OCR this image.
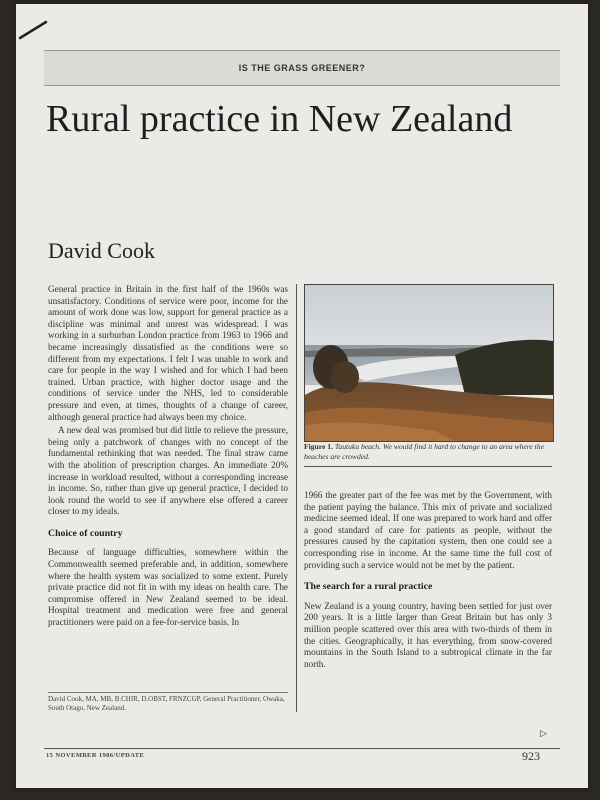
IS THE GRASS GREENER?
Rural practice in New Zealand
David Cook

General practice in Britain in the first half of the 1960s was unsatisfactory. Conditions of service were poor, income for the amount of work done was low, support for general practice as a discipline was minimal and unrest was widespread. I was working in a surburban London practice from 1963 to 1966 and became increasingly dissatisfied as the conditions were so different from my expectations. I felt I was unable to work and care for people in the way I wished and for which I had been trained. Urban practice, with higher doctor usage and the conditions of service under the NHS, led to considerable pressure and even, at times, thoughts of a change of career, although general practice had always been my choice.

A new deal was promised but did little to relieve the pressure, being only a patchwork of changes with no concept of the fundamental rethinking that was needed. The final straw came with the abolition of prescription charges. An immediate 20% increase in workload resulted, without a corresponding increase in income. So, rather than give up general practice, I decided to look round the world to see if anywhere else offered a career closer to my ideals.

Choice of country

Because of language difficulties, somewhere within the Commonwealth seemed preferable and, in addition, somewhere where the health system was socialized to some extent. Purely private practice did not fit in with my ideas on health care. The compromise offered in New Zealand seemed to be ideal. Hospital treatment and medication were free and general practitioners were paid on a fee-for-service basis. In

David Cook, MA, MB, B.CHIR, D.OBST, FRNZCGP, General Practitioner, Owaka, South Otago, New Zealand.
Figure 1. Tautuku beach. We would find it hard to change to an area where the beaches are crowded.

1966 the greater part of the fee was met by the Government, with the patient paying the balance. This mix of private and socialized medicine seemed ideal. If one was prepared to work hard and offer a good standard of care for patients as people, without the pressures caused by the capitation system, then one could see a corresponding rise in income. At the same time the full cost of providing such a service would not be met by the patient.

The search for a rural practice

New Zealand is a young country, having been settled for just over 200 years. It is a little larger than Great Britain but has only 3 million people scattered over this area with two-thirds of them in the cities. Geographically, it has everything, from snow-covered mountains in the South Island to a subtropical climate in the far north.

▷
15 NOVEMBER 1986/UPDATE	923
